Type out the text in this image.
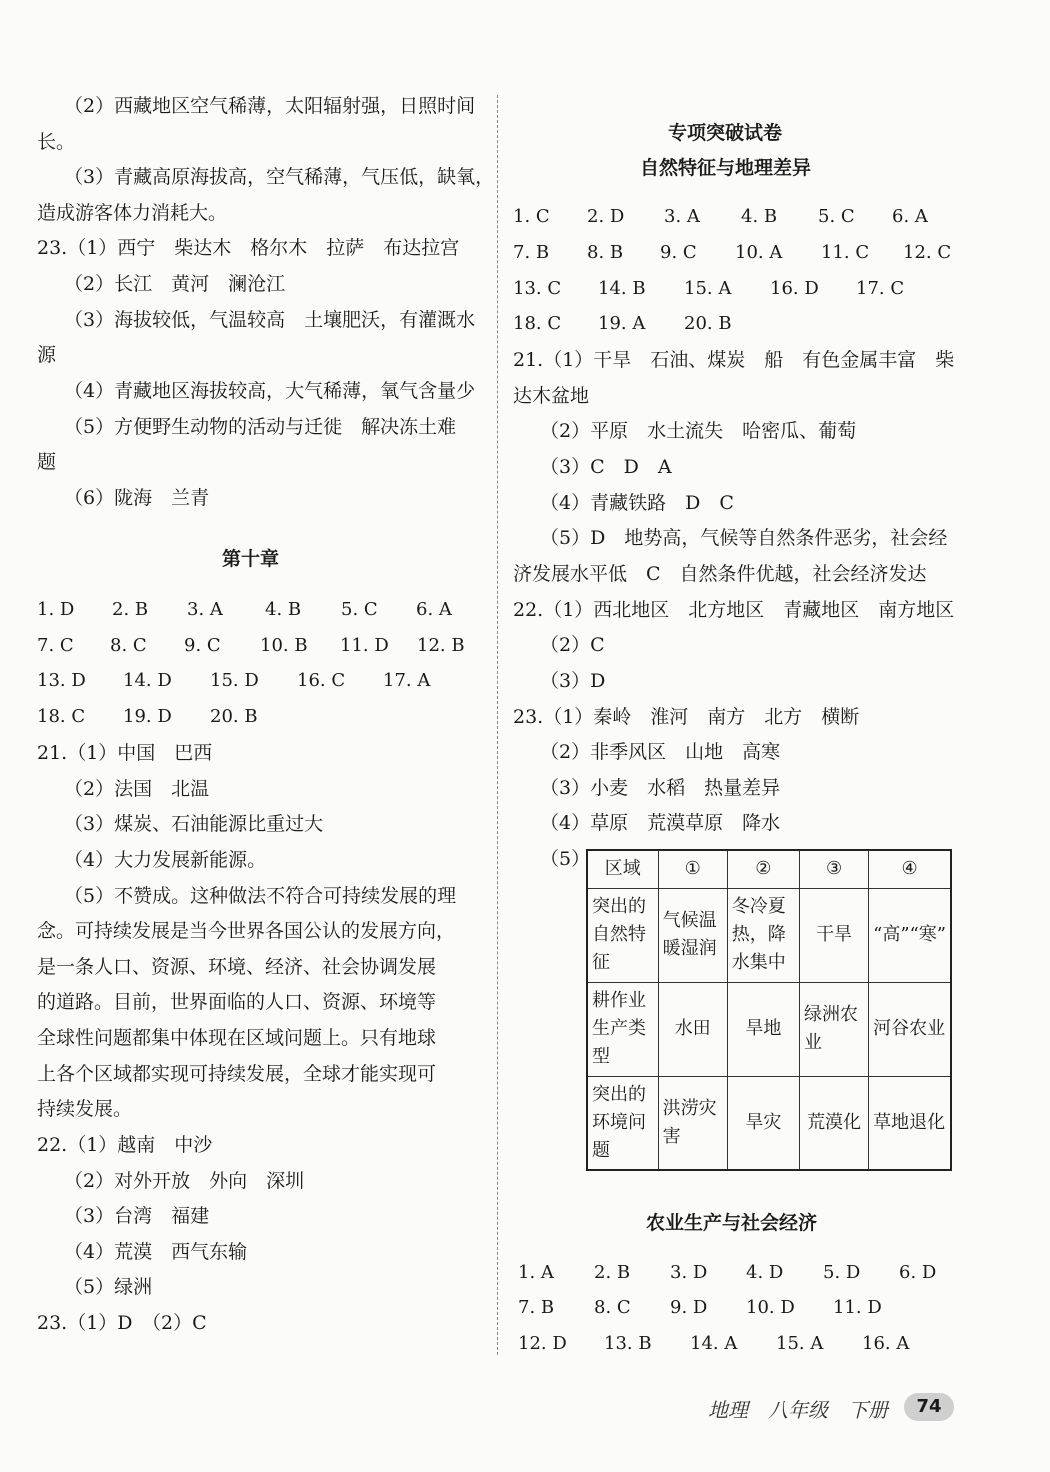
（2）西藏地区空气稀薄，太阳辐射强，日照时间
长。
（3）青藏高原海拔高，空气稀薄，气压低，缺氧，
造成游客体力消耗大。
23.（1）西宁　柴达木　格尔木　拉萨　布达拉宫
（2）长江　黄河　澜沧江
（3）海拔较低，气温较高　土壤肥沃，有灌溉水
源
（4）青藏地区海拔较高，大气稀薄，氧气含量少
（5）方便野生动物的活动与迁徙　解决冻土难
题
（6）陇海　兰青
第十章
1. D 2. B 3. A 4. B 5. C 6. A
7. C 8. C 9. C 10. B 11. D 12. B
13. D 14. D 15. D 16. C 17. A
18. C 19. D 20. B
21.（1）中国　巴西
（2）法国　北温
（3）煤炭、石油能源比重过大
（4）大力发展新能源。
（5）不赞成。这种做法不符合可持续发展的理
念。可持续发展是当今世界各国公认的发展方向，
是一条人口、资源、环境、经济、社会协调发展
的道路。目前，世界面临的人口、资源、环境等
全球性问题都集中体现在区域问题上。只有地球
上各个区域都实现可持续发展，全球才能实现可
持续发展。
22.（1）越南　中沙
（2）对外开放　外向　深圳
（3）台湾　福建
（4）荒漠　西气东输
（5）绿洲
23.（1）D　（2）C
专项突破试卷
自然特征与地理差异
1. C 2. D 3. A 4. B 5. C 6. A
7. B 8. B 9. C 10. A 11. C 12. C
13. C 14. B 15. A 16. D 17. C
18. C 19. A 20. B
21.（1）干旱　石油、煤炭　船　有色金属丰富　柴
达木盆地
（2）平原　水土流失　哈密瓜、葡萄
（3）C　D　A
（4）青藏铁路　D　C
（5）D　地势高，气候等自然条件恶劣，社会经
济发展水平低　C　自然条件优越，社会经济发达
22.（1）西北地区　北方地区　青藏地区　南方地区
（2）C
（3）D
23.（1）秦岭　淮河　南方　北方　横断
（2）非季风区　山地　高寒
（3）小麦　水稻　热量差异
（4）草原　荒漠草原　降水
（5） 区域	①	②	③	④
突出的自然特征	气候温暖湿润	冬冷夏热，降水集中	干旱	“高”“寒”
耕作业生产类型	水田	旱地	绿洲农业	河谷农业
突出的环境问题	洪涝灾害	旱灾	荒漠化	草地退化
农业生产与社会经济
1. A 2. B 3. D 4. D 5. D 6. D
7. B 8. C 9. D 10. D 11. D
12. D 13. B 14. A 15. A 16. A
地理　八年级　下册	74
